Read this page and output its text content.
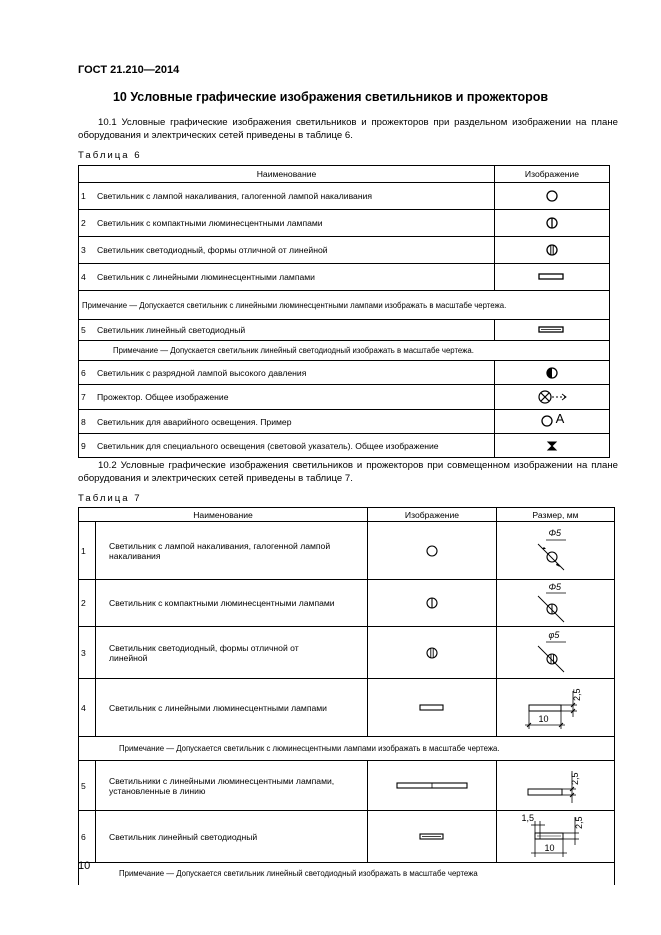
ГОСТ 21.210—2014
10 Условные графические изображения светильников и прожекторов
10.1 Условные графические изображения светильников и прожекторов при раздельном изображении на плане оборудования и электрических сетей приведены в таблице 6.
Таблица 6
Наименование		Изображение
1	Светильник с лампой накаливания, галогенной лампой накаливания	

2	Светильник с компактными люминесцентными лампами	

3	Светильник светодиодный, формы отличной от линейной	

4	Светильник с линейными люминесцентными лампами	

Примечание — Допускается светильник с линейными люминесцентными лампами изображать в масштабе чертежа.		
5	Светильник линейный светодиодный	

Примечание — Допускается светильник линейный светодиодный изображать в масштабе чертежа.		
6	Светильник с разрядной лампой высокого давления	

7	Прожектор. Общее изображение	

8	Светильник для аварийного освещения. Пример	A

9	Светильник для специального освещения (световой указатель). Общее изображение	
10.2 Условные графические изображения светильников и прожекторов при совмещенном изображении на плане оборудования и электрических сетей приведены в таблице 7.
Таблица 7
Наименование		Изображение	Размер, мм
1	Светильник с лампой накаливания, галогенной лампой накаливания		Φ5

2	Светильник с компактными люминесцентными лампами		Φ5

3	Светильник светодиодный, формы отличной от линейной		φ5

4	Светильник с линейными люминесцентными лампами		10
2,5

Примечание — Допускается светильник с люминесцентными лампами изображать в масштабе чертежа.			
5	Светильники с линейными люминесцентными лампами, установленные в линию		2,5

6	Светильник линейный светодиодный		1,5 2,5
10

Примечание — Допускается светильник линейный светодиодный изображать в масштабе чертежа			
10
